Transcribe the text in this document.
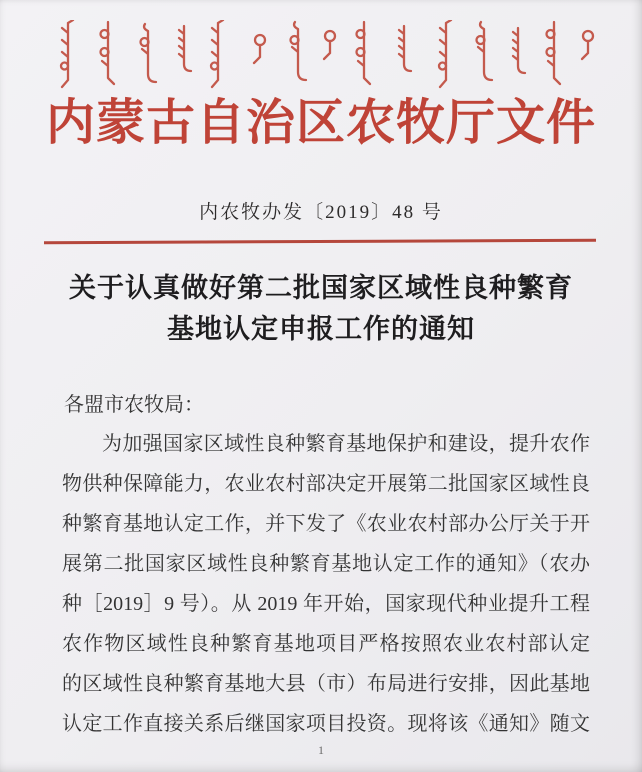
内蒙古自治区农牧厅文件
内农牧办发〔2019〕48 号
关于认真做好第二批国家区域性良种繁育
基地认定申报工作的通知
各盟市农牧局：
为加强国家区域性良种繁育基地保护和建设，提升农作
物供种保障能力，农业农村部决定开展第二批国家区域性良
种繁育基地认定工作，并下发了《农业农村部办公厅关于开
展第二批国家区域性良种繁育基地认定工作的通知》（农办
种［2019］9 号）。从 2019 年开始，国家现代种业提升工程
农作物区域性良种繁育基地项目严格按照农业农村部认定
的区域性良种繁育基地大县（市）布局进行安排，因此基地
认定工作直接关系后继国家项目投资。现将该《通知》随文
1
